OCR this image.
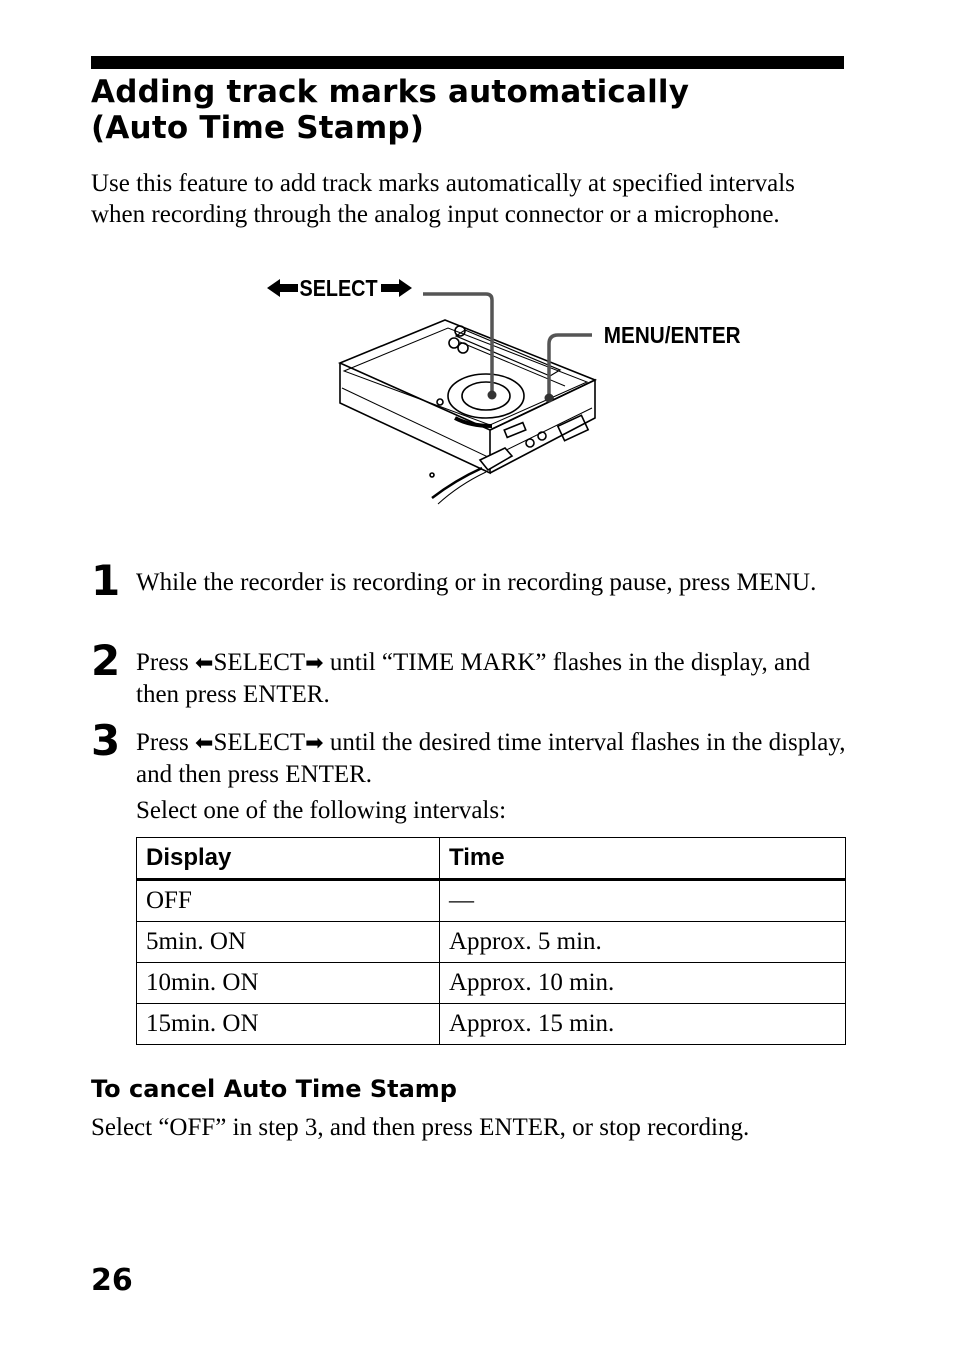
Adding track marks automatically
(Auto Time Stamp)

Use this feature to add track marks automatically at specified intervals when recording through the analog input connector or a microphone.

SELECT
MENU/ENTER
1 While the recorder is recording or in recording pause, press MENU.

2 Press ⬅SELECT➡ until “TIME MARK” flashes in the display, and then press ENTER.

3 Press ⬅SELECT➡ until the desired time interval flashes in the display, and then press ENTER.

Select one of the following intervals:

Display	Time
OFF	—
5min. ON	Approx. 5 min.
10min. ON	Approx. 10 min.
15min. ON	Approx. 15 min.
To cancel Auto Time Stamp

Select “OFF” in step 3, and then press ENTER, or stop recording.

26
